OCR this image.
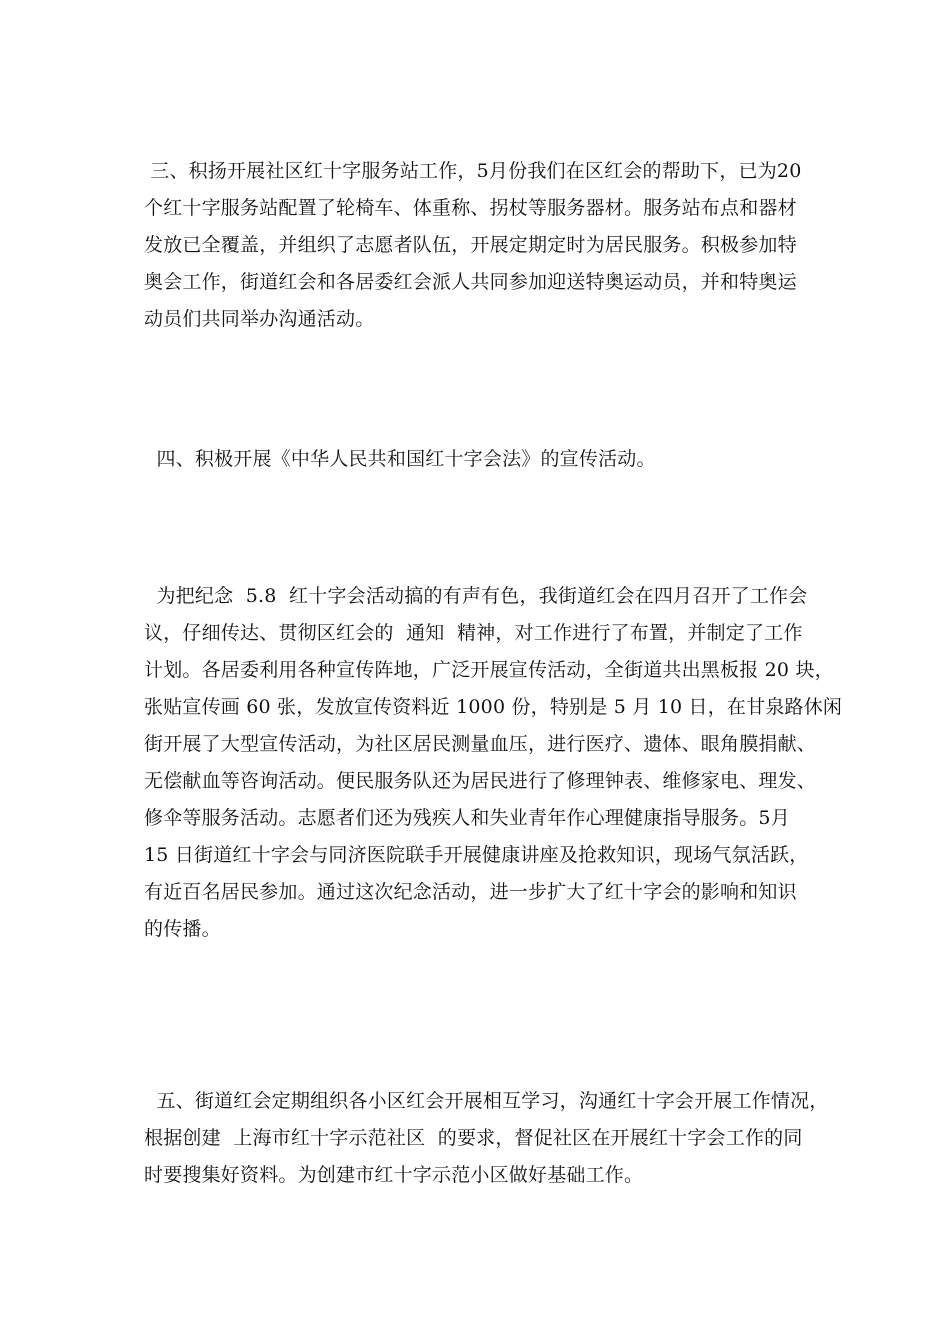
三、积扬开展社区红十字服务站工作，5月份我们在区红会的帮助下，已为20
个红十字服务站配置了轮椅车、体重称、拐杖等服务器材。服务站布点和器材
发放已全覆盖，并组织了志愿者队伍，开展定期定时为居民服务。积极参加特
奥会工作，街道红会和各居委红会派人共同参加迎送特奥运动员，并和特奥运
动员们共同举办沟通活动。
四、积极开展《中华人民共和国红十字会法》的宣传活动。
为把纪念  5.8  红十字会活动搞的有声有色，我街道红会在四月召开了工作会
议，仔细传达、贯彻区红会的  通知  精神，对工作进行了布置，并制定了工作
计划。各居委利用各种宣传阵地，广泛开展宣传活动，全街道共出黑板报 20 块，
张贴宣传画 60 张，发放宣传资料近 1000 份，特别是 5 月 10 日，在甘泉路休闲
街开展了大型宣传活动，为社区居民测量血压，进行医疗、遗体、眼角膜捐献、
无偿献血等咨询活动。便民服务队还为居民进行了修理钟表、维修家电、理发、
修伞等服务活动。志愿者们还为残疾人和失业青年作心理健康指导服务。5月
15 日街道红十字会与同济医院联手开展健康讲座及抢救知识，现场气氛活跃，
有近百名居民参加。通过这次纪念活动，进一步扩大了红十字会的影响和知识
的传播。
五、街道红会定期组织各小区红会开展相互学习，沟通红十字会开展工作情况，
根据创建  上海市红十字示范社区  的要求，督促社区在开展红十字会工作的同
时要搜集好资料。为创建市红十字示范小区做好基础工作。
